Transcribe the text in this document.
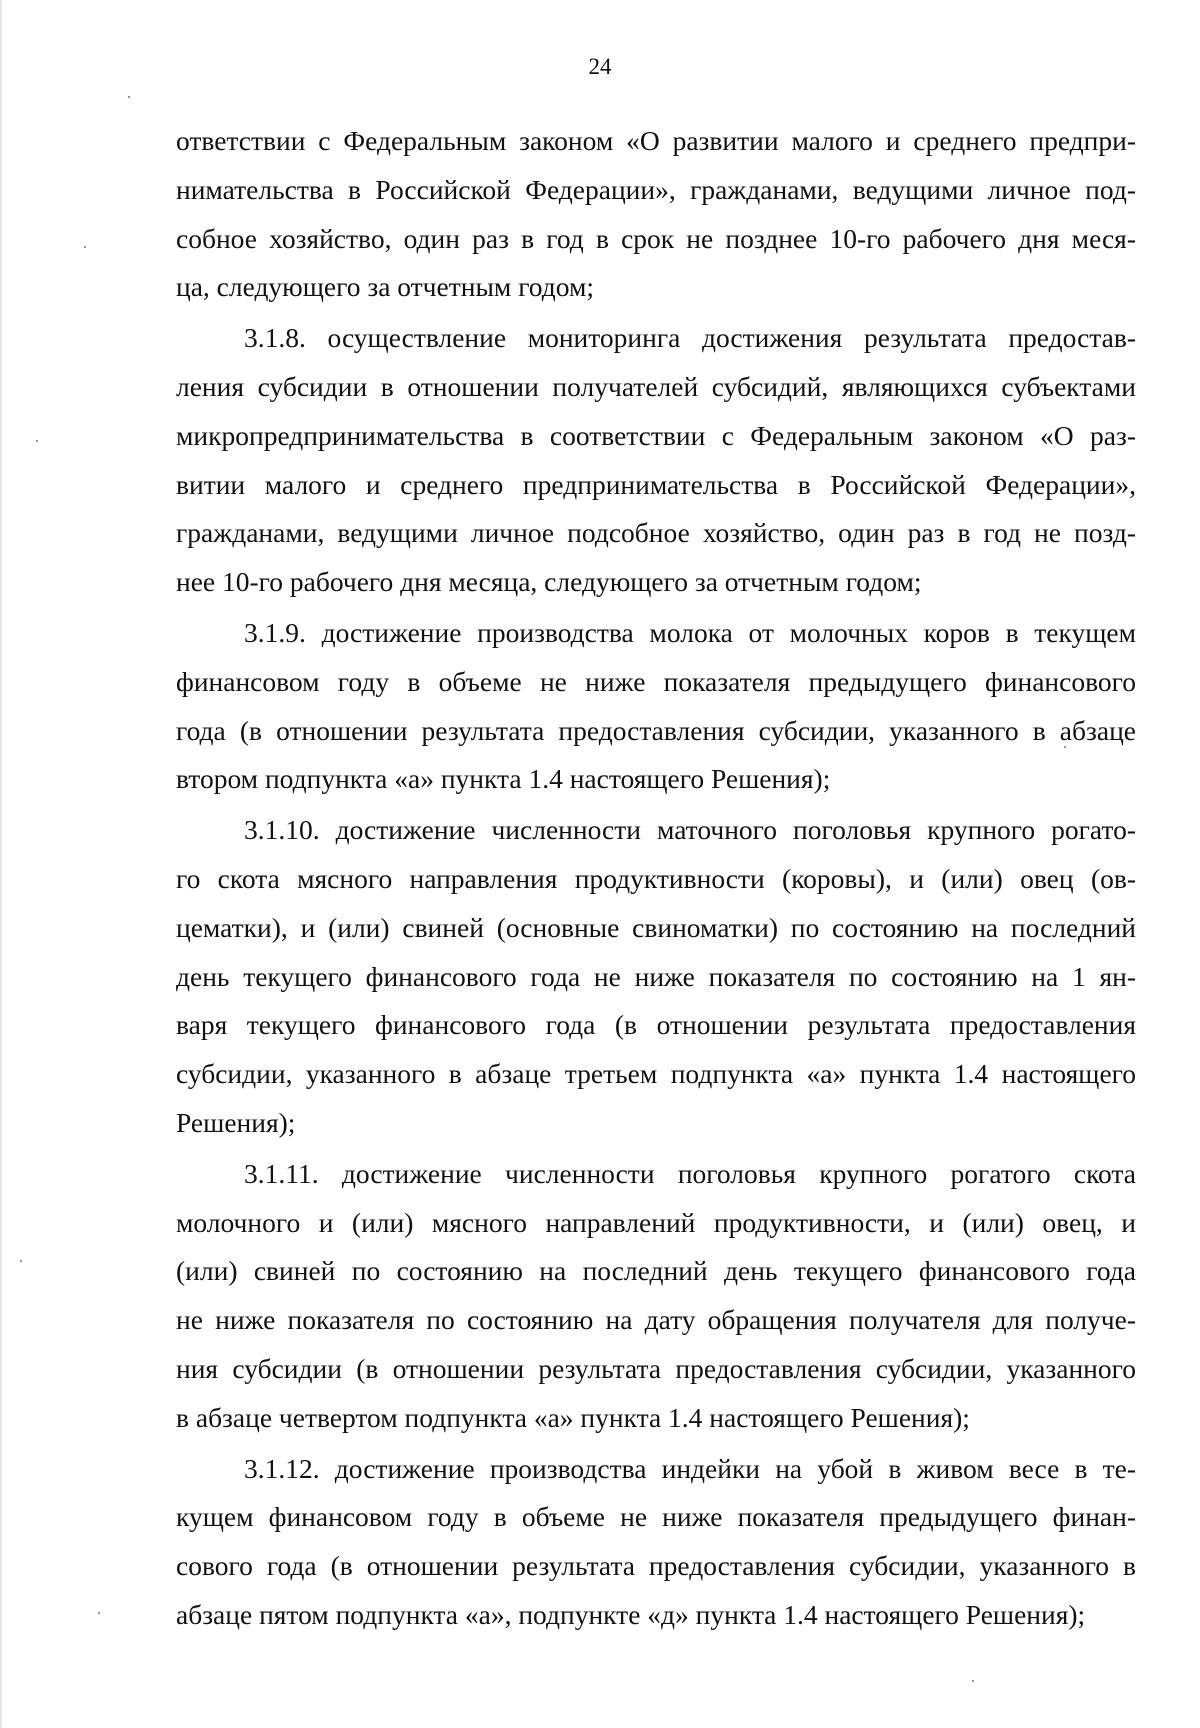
24
ответствии с Федеральным законом «О развитии малого и среднего предпри-
нимательства в Российской Федерации», гражданами, ведущими личное под-
собное хозяйство, один раз в год в срок не позднее 10-го рабочего дня меся-
ца, следующего за отчетным годом;
3.1.8. осуществление мониторинга достижения результата предостав-
ления субсидии в отношении получателей субсидий, являющихся субъектами
микропредпринимательства в соответствии с Федеральным законом «О раз-
витии малого и среднего предпринимательства в Российской Федерации»,
гражданами, ведущими личное подсобное хозяйство, один раз в год не позд-
нее 10-го рабочего дня месяца, следующего за отчетным годом;
3.1.9. достижение производства молока от молочных коров в текущем
финансовом году в объеме не ниже показателя предыдущего финансового
года (в отношении результата предоставления субсидии, указанного в абзаце
втором подпункта «а» пункта 1.4 настоящего Решения);
3.1.10. достижение численности маточного поголовья крупного рогато-
го скота мясного направления продуктивности (коровы), и (или) овец (ов-
цематки), и (или) свиней (основные свиноматки) по состоянию на последний
день текущего финансового года не ниже показателя по состоянию на 1 ян-
варя текущего финансового года (в отношении результата предоставления
субсидии, указанного в абзаце третьем подпункта «а» пункта 1.4 настоящего
Решения);
3.1.11. достижение численности поголовья крупного рогатого скота
молочного и (или) мясного направлений продуктивности, и (или) овец, и
(или) свиней по состоянию на последний день текущего финансового года
не ниже показателя по состоянию на дату обращения получателя для получе-
ния субсидии (в отношении результата предоставления субсидии, указанного
в абзаце четвертом подпункта «а» пункта 1.4 настоящего Решения);
3.1.12. достижение производства индейки на убой в живом весе в те-
кущем финансовом году в объеме не ниже показателя предыдущего финан-
сового года (в отношении результата предоставления субсидии, указанного в
абзаце пятом подпункта «а», подпункте «д» пункта 1.4 настоящего Решения);
